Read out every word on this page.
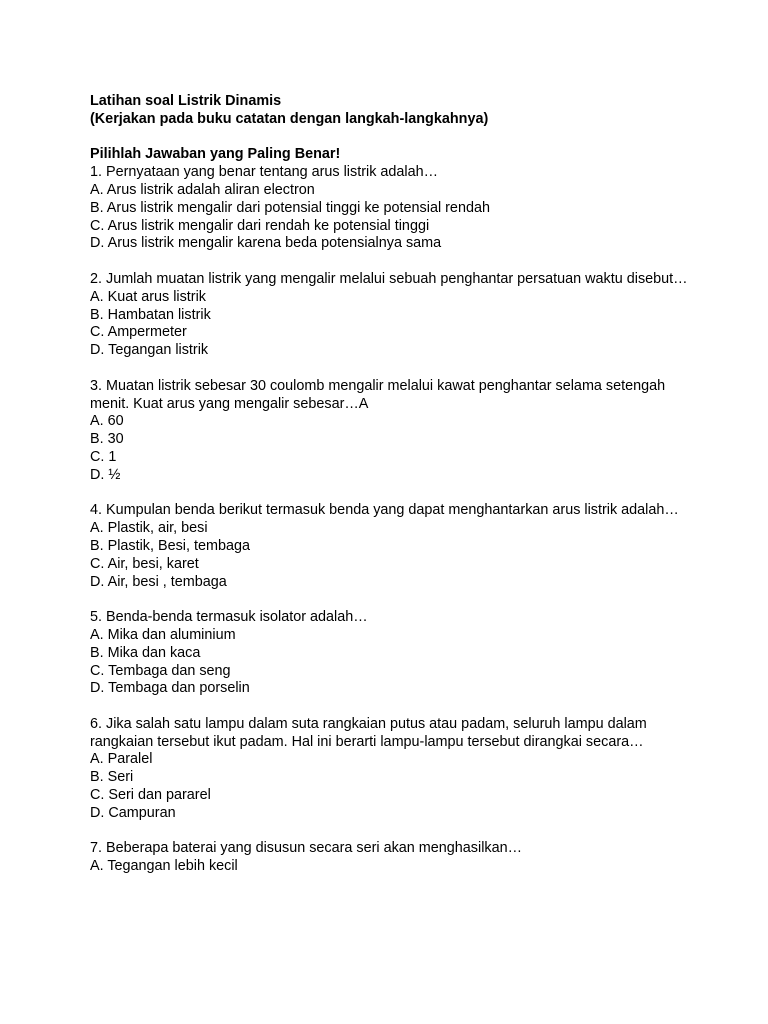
Latihan soal Listrik Dinamis
(Kerjakan pada buku catatan dengan langkah-langkahnya)
Pilihlah Jawaban yang Paling Benar!
1. Pernyataan yang benar tentang arus listrik adalah…
A. Arus listrik adalah aliran electron
B. Arus listrik mengalir dari potensial tinggi ke potensial rendah
C. Arus listrik mengalir dari rendah ke potensial tinggi
D. Arus listrik mengalir karena beda potensialnya sama
2. Jumlah muatan listrik yang mengalir melalui sebuah penghantar persatuan waktu disebut…
A. Kuat arus listrik
B. Hambatan listrik
C. Ampermeter
D. Tegangan listrik
3. Muatan listrik sebesar 30 coulomb mengalir melalui kawat penghantar selama setengah menit. Kuat arus yang mengalir sebesar…A
A. 60
B. 30
C. 1
D. ½
4. Kumpulan benda berikut termasuk benda yang dapat menghantarkan arus listrik adalah…
A. Plastik, air, besi
B. Plastik, Besi, tembaga
C. Air, besi, karet
D. Air, besi , tembaga
5. Benda-benda termasuk isolator adalah…
A. Mika dan aluminium
B. Mika dan kaca
C. Tembaga dan seng
D. Tembaga dan porselin
6. Jika salah satu lampu dalam suta rangkaian putus atau padam, seluruh lampu dalam rangkaian tersebut ikut padam. Hal ini berarti lampu-lampu tersebut dirangkai secara…
A. Paralel
B. Seri
C. Seri dan pararel
D. Campuran
7. Beberapa baterai yang disusun secara seri akan menghasilkan…
A. Tegangan lebih kecil
